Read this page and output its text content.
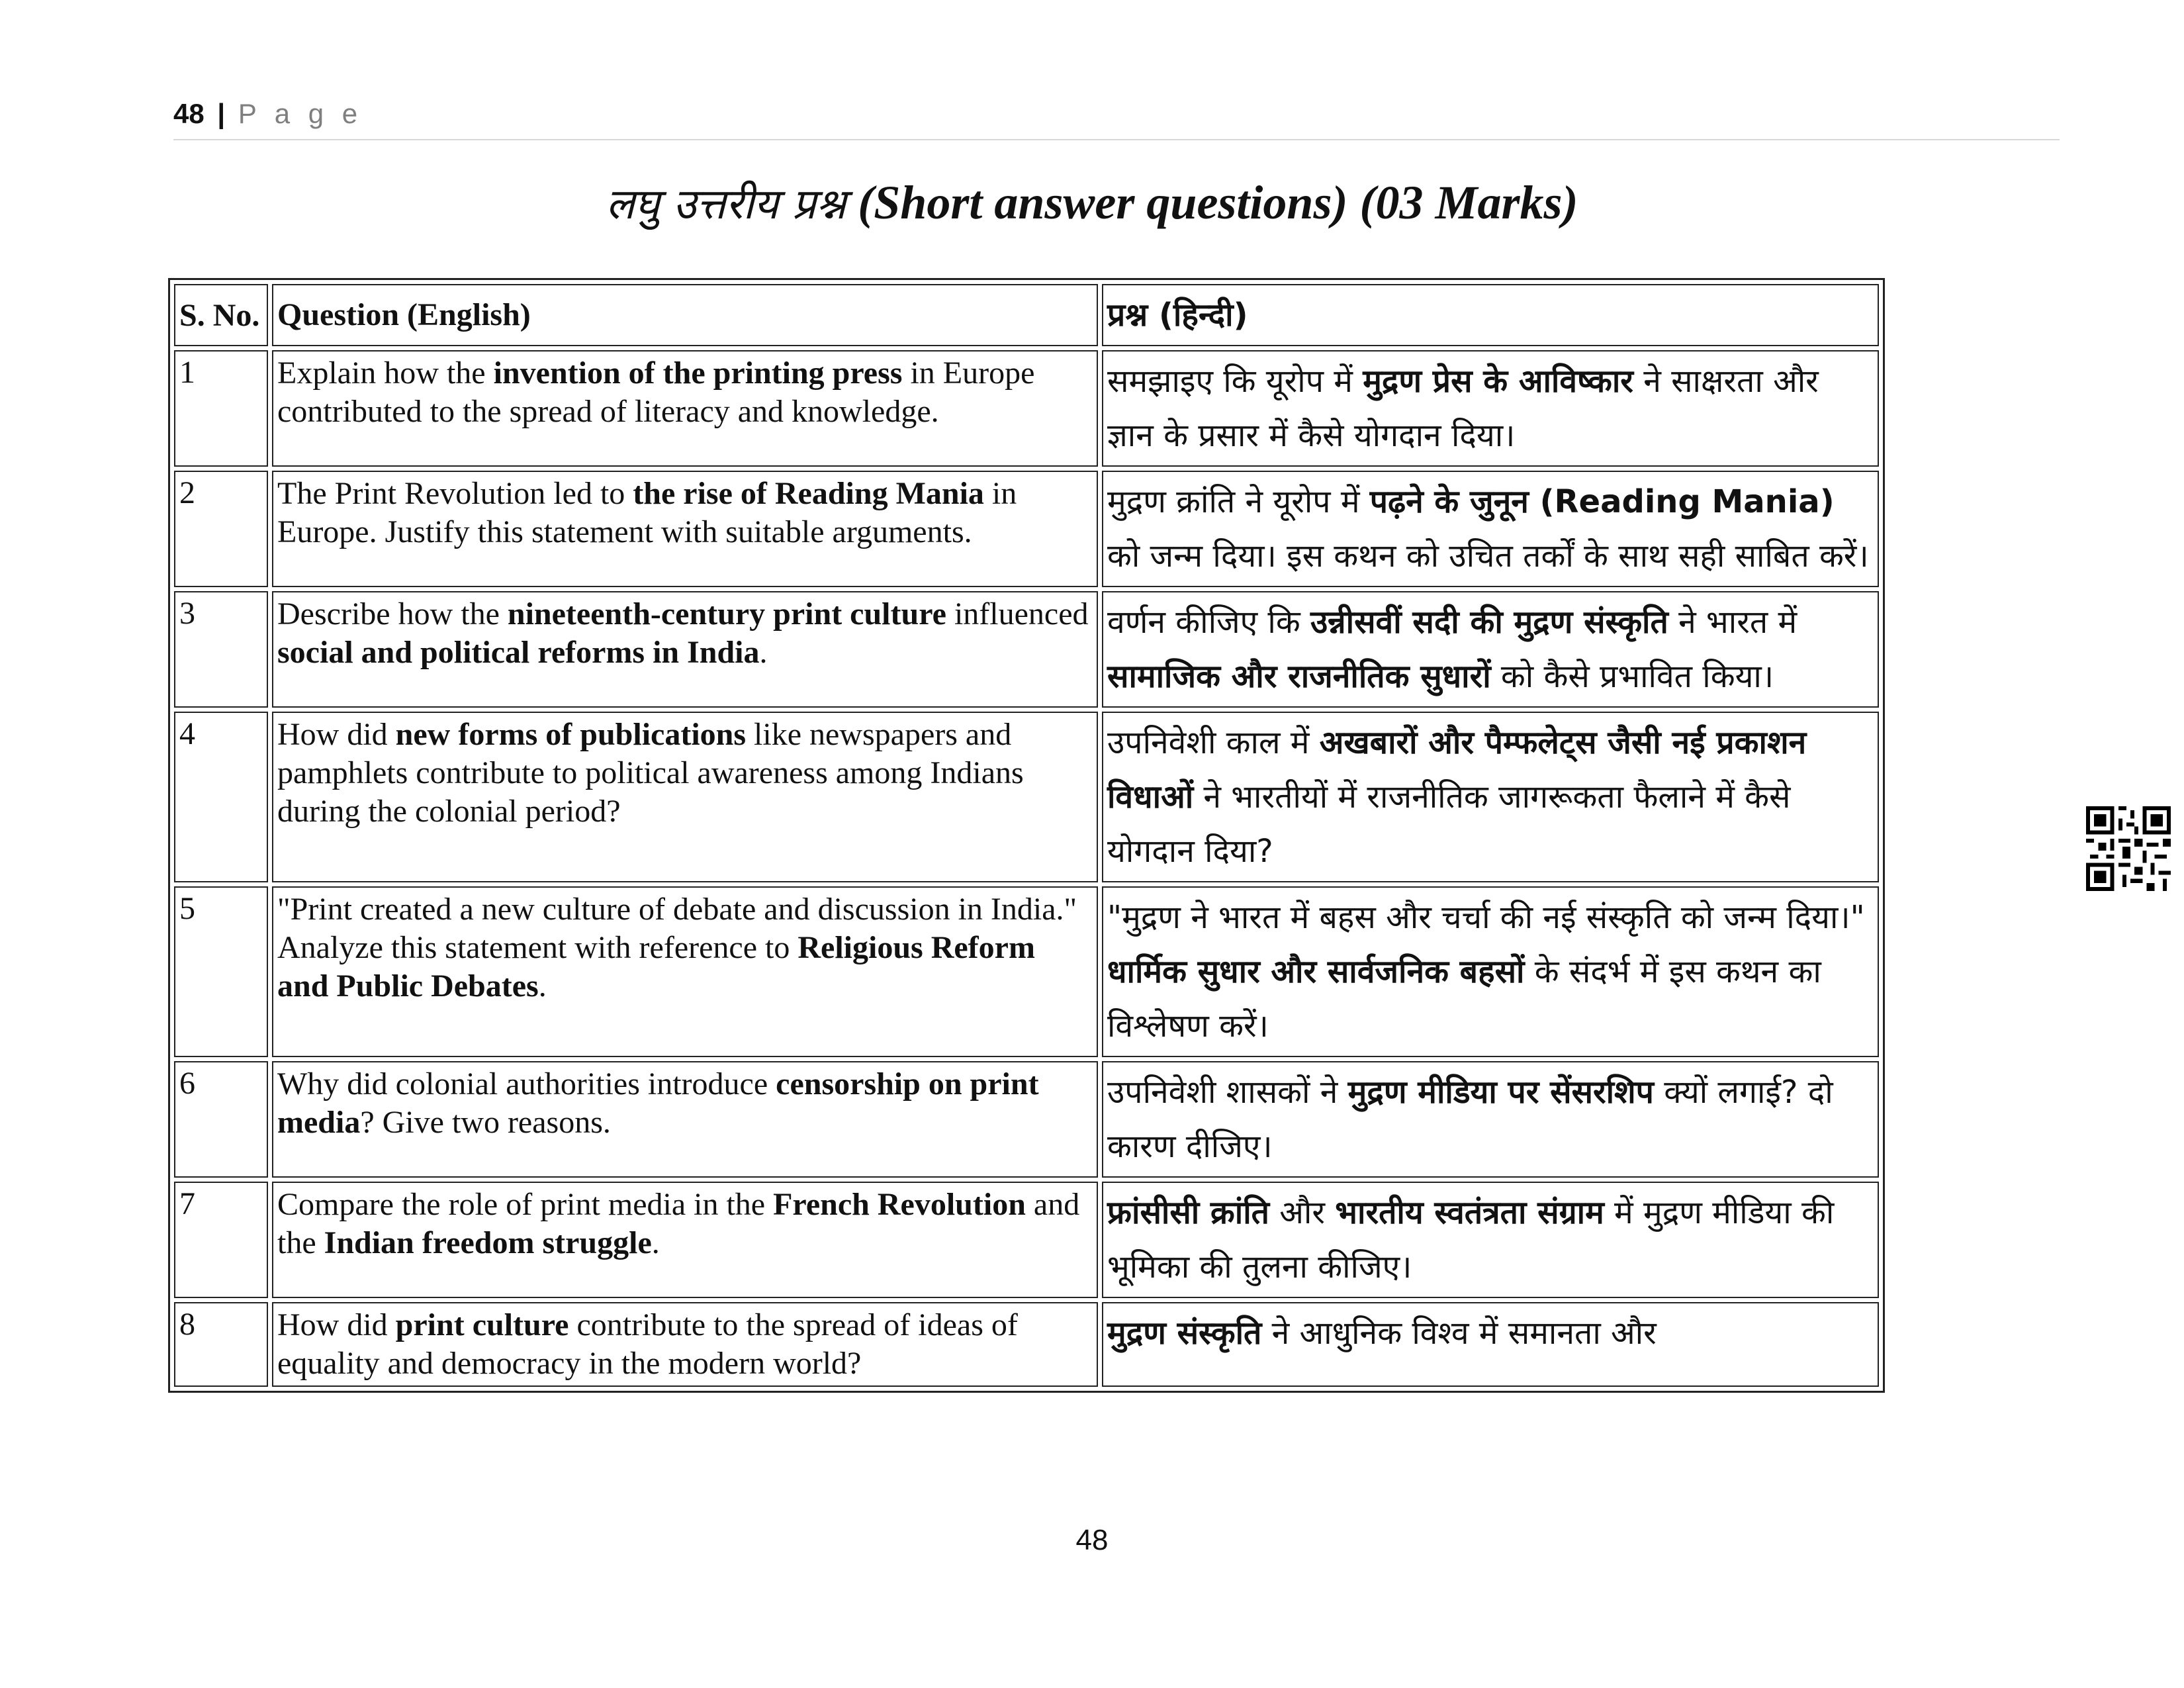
48 | P a g e
लघु उत्तरीय प्रश्न (Short answer questions) (03 Marks)
S. No.	Question (English)	प्रश्न (हिन्दी)
1	Explain how the invention of the printing press in Europe contributed to the spread of literacy and knowledge.	समझाइए कि यूरोप में मुद्रण प्रेस के आविष्कार ने साक्षरता और ज्ञान के प्रसार में कैसे योगदान दिया।
2	The Print Revolution led to the rise of Reading Mania in Europe. Justify this statement with suitable arguments.	मुद्रण क्रांति ने यूरोप में पढ़ने के जुनून (Reading Mania) को जन्म दिया। इस कथन को उचित तर्कों के साथ सही साबित करें।
3	Describe how the nineteenth-century print culture influenced social and political reforms in India.	वर्णन कीजिए कि उन्नीसवीं सदी की मुद्रण संस्कृति ने भारत में सामाजिक और राजनीतिक सुधारों को कैसे प्रभावित किया।
4	How did new forms of publications like newspapers and pamphlets contribute to political awareness among Indians during the colonial period?	उपनिवेशी काल में अखबारों और पैम्फलेट्स जैसी नई प्रकाशन विधाओं ने भारतीयों में राजनीतिक जागरूकता फैलाने में कैसे योगदान दिया?
5	"Print created a new culture of debate and discussion in India." Analyze this statement with reference to Religious Reform and Public Debates.	"मुद्रण ने भारत में बहस और चर्चा की नई संस्कृति को जन्म दिया।" धार्मिक सुधार और सार्वजनिक बहसों के संदर्भ में इस कथन का विश्लेषण करें।
6	Why did colonial authorities introduce censorship on print media? Give two reasons.	उपनिवेशी शासकों ने मुद्रण मीडिया पर सेंसरशिप क्यों लगाई? दो कारण दीजिए।
7	Compare the role of print media in the French Revolution and the Indian freedom struggle.	फ्रांसीसी क्रांति और भारतीय स्वतंत्रता संग्राम में मुद्रण मीडिया की भूमिका की तुलना कीजिए।
8	How did print culture contribute to the spread of ideas of equality and democracy in the modern world?	मुद्रण संस्कृति ने आधुनिक विश्व में समानता और
48
